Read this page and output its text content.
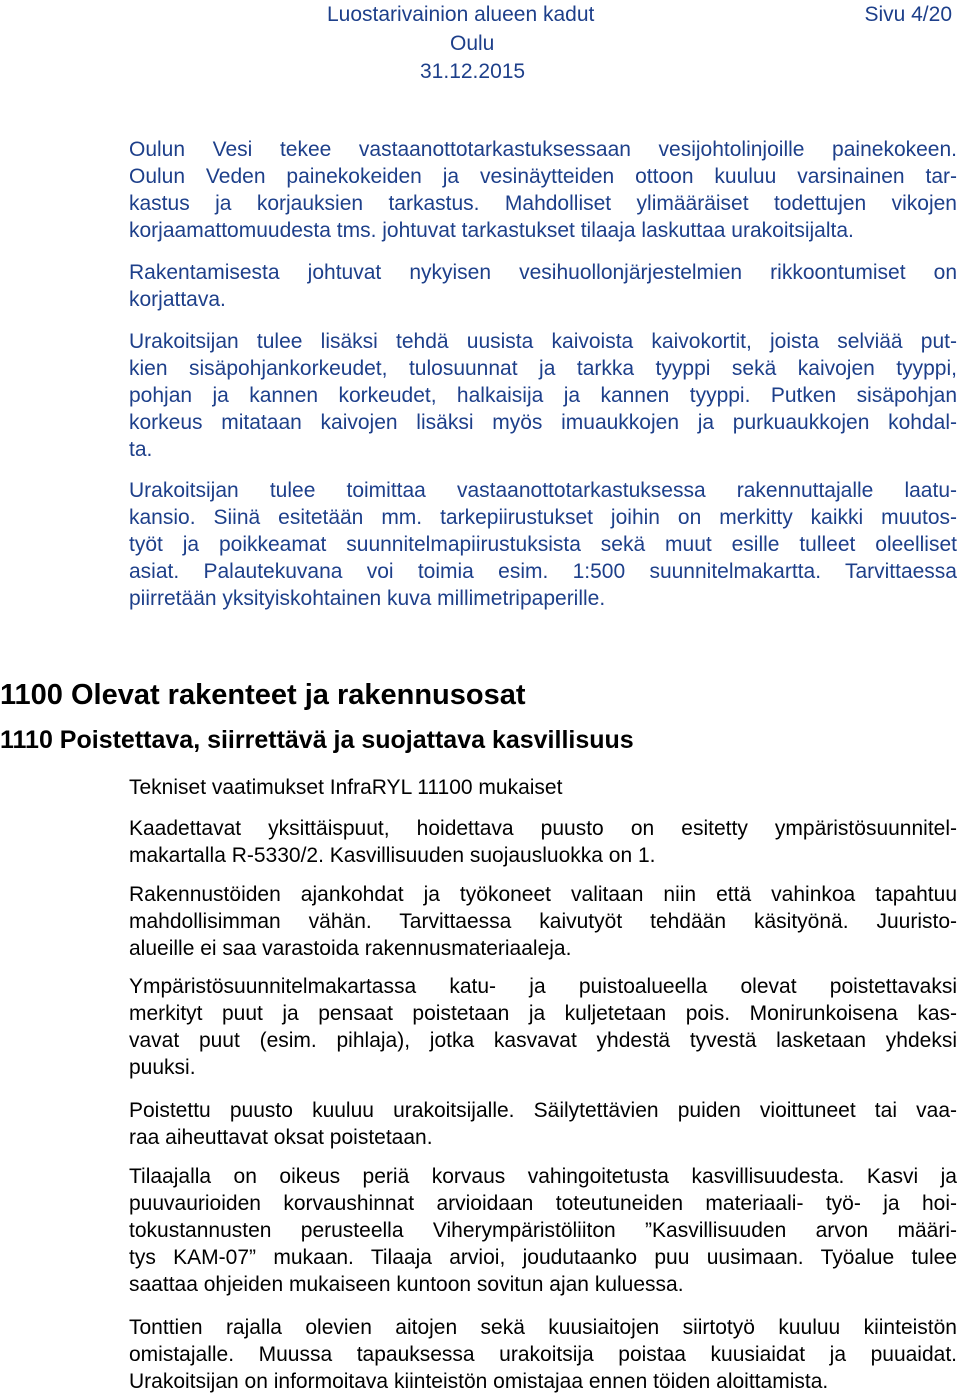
Luostarivainion alueen kadut	Sivu 4/20
Oulu
31.12.2015
Oulun Vesi tekee vastaanottotarkastuksessaan vesijohtolinjoille painekokeen.
Oulun Veden painekokeiden ja vesinäytteiden ottoon kuuluu varsinainen tar-
kastus ja korjauksien tarkastus. Mahdolliset ylimääräiset todettujen vikojen
korjaamattomuudesta tms. johtuvat tarkastukset tilaaja laskuttaa urakoitsijalta.
Rakentamisesta johtuvat nykyisen vesihuollonjärjestelmien rikkoontumiset on
korjattava.
Urakoitsijan tulee lisäksi tehdä uusista kaivoista kaivokortit, joista selviää put-
kien sisäpohjankorkeudet, tulosuunnat ja tarkka tyyppi sekä kaivojen tyyppi,
pohjan ja kannen korkeudet, halkaisija ja kannen tyyppi. Putken sisäpohjan
korkeus mitataan kaivojen lisäksi myös imuaukkojen ja purkuaukkojen kohdal-
ta.
Urakoitsijan tulee toimittaa vastaanottotarkastuksessa rakennuttajalle laatu-
kansio. Siinä esitetään mm. tarkepiirustukset joihin on merkitty kaikki muutos-
työt ja poikkeamat suunnitelmapiirustuksista sekä muut esille tulleet oleelliset
asiat. Palautekuvana voi toimia esim. 1:500 suunnitelmakartta. Tarvittaessa
piirretään yksityiskohtainen kuva millimetripaperille.
1100 Olevat rakenteet ja rakennusosat
1110 Poistettava, siirrettävä ja suojattava kasvillisuus
Tekniset vaatimukset InfraRYL 11100 mukaiset
Kaadettavat yksittäispuut, hoidettava puusto on esitetty ympäristösuunnitel-
makartalla R-5330/2. Kasvillisuuden suojausluokka on 1.
Rakennustöiden ajankohdat ja työkoneet valitaan niin että vahinkoa tapahtuu
mahdollisimman vähän. Tarvittaessa kaivutyöt tehdään käsityönä. Juuristo-
alueille ei saa varastoida rakennusmateriaaleja.
Ympäristösuunnitelmakartassa katu- ja puistoalueella olevat poistettavaksi
merkityt puut ja pensaat poistetaan ja kuljetetaan pois. Monirunkoisena kas-
vavat puut (esim. pihlaja), jotka kasvavat yhdestä tyvestä lasketaan yhdeksi
puuksi.
Poistettu puusto kuuluu urakoitsijalle. Säilytettävien puiden vioittuneet tai vaa-
raa aiheuttavat oksat poistetaan.
Tilaajalla on oikeus periä korvaus vahingoitetusta kasvillisuudesta. Kasvi ja
puuvaurioiden korvaushinnat arvioidaan toteutuneiden materiaali- työ- ja hoi-
tokustannusten perusteella Viherympäristöliiton ”Kasvillisuuden arvon määri-
tys KAM-07” mukaan. Tilaaja arvioi, joudutaanko puu uusimaan. Työalue tulee
saattaa ohjeiden mukaiseen kuntoon sovitun ajan kuluessa.
Tonttien rajalla olevien aitojen sekä kuusiaitojen siirtotyö kuuluu kiinteistön
omistajalle. Muussa tapauksessa urakoitsija poistaa kuusiaidat ja puuaidat.
Urakoitsijan on informoitava kiinteistön omistajaa ennen töiden aloittamista.
